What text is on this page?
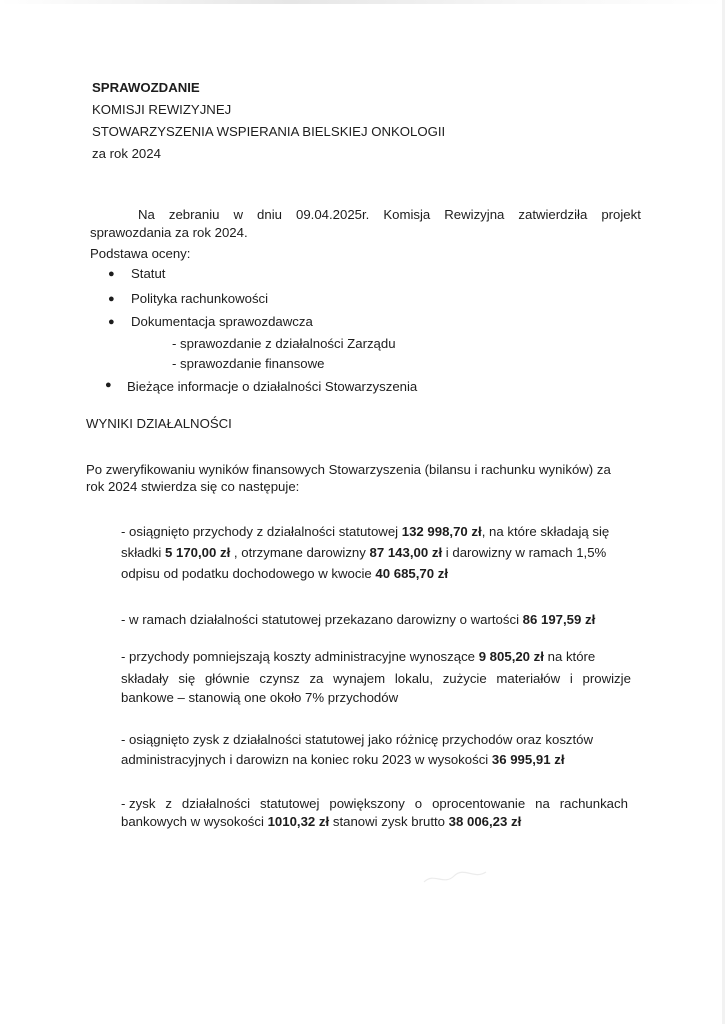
SPRAWOZDANIE
KOMISJI REWIZYJNEJ
STOWARZYSZENIA WSPIERANIA BIELSKIEJ ONKOLOGII
za rok 2024
Na zebraniu w dniu 09.04.2025r. Komisja Rewizyjna zatwierdziła projekt
sprawozdania za rok 2024.
Podstawa oceny:
● Statut
● Polityka rachunkowości
● Dokumentacja sprawozdawcza
- sprawozdanie z działalności Zarządu
- sprawozdanie finansowe
● Bieżące informacje o działalności Stowarzyszenia
WYNIKI DZIAŁALNOŚCI
Po zweryfikowaniu wyników finansowych Stowarzyszenia (bilansu i rachunku wyników) za
rok 2024 stwierdza się co następuje:
- osiągnięto przychody z działalności statutowej 132 998,70 zł, na które składają się
składki 5 170,00 zł , otrzymane darowizny 87 143,00 zł i darowizny w ramach 1,5%
odpisu od podatku dochodowego w kwocie 40 685,70 zł
- w ramach działalności statutowej przekazano darowizny o wartości 86 197,59 zł
- przychody pomniejszają koszty administracyjne wynoszące 9 805,20 zł na które
składały się głównie czynsz za wynajem lokalu, zużycie materiałów i prowizje
bankowe – stanowią one około 7% przychodów
- osiągnięto zysk z działalności statutowej jako różnicę przychodów oraz kosztów
administracyjnych i darowizn na koniec roku 2023 w wysokości 36 995,91 zł
- zysk z działalności statutowej powiększony o oprocentowanie na rachunkach
bankowych w wysokości 1010,32 zł stanowi zysk brutto 38 006,23 zł
